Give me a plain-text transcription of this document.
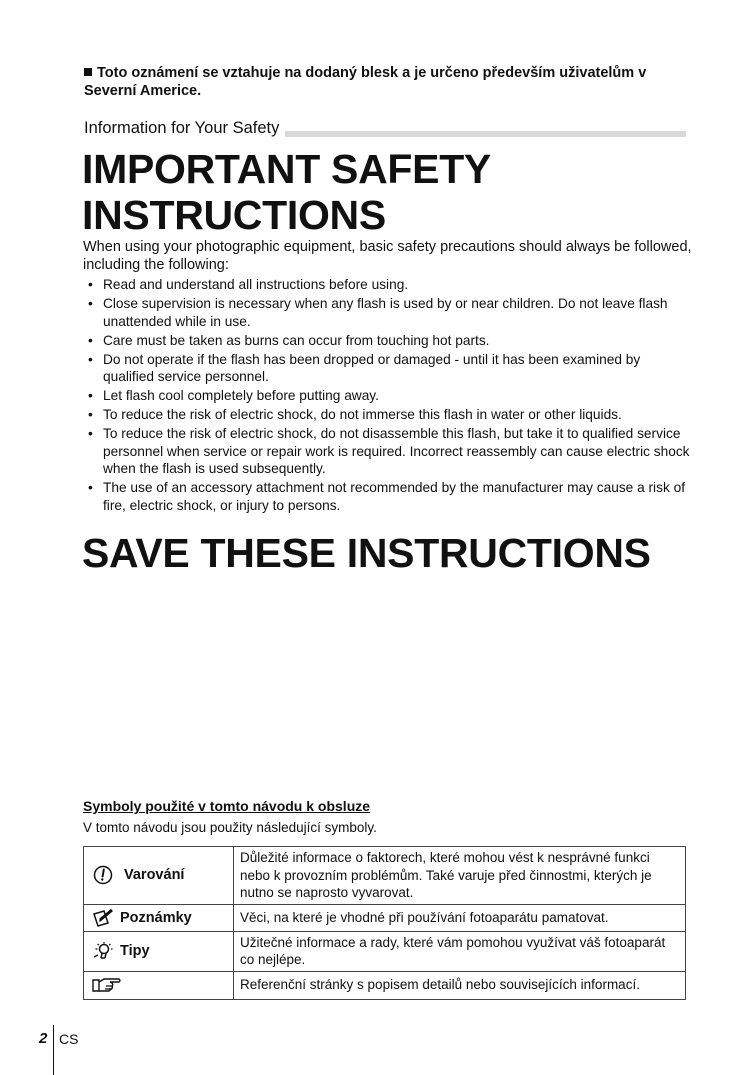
Toto oznámení se vztahuje na dodaný blesk a je určeno především uživatelům v Severní Americe.
Information for Your Safety
IMPORTANT SAFETY INSTRUCTIONS
When using your photographic equipment, basic safety precautions should always be followed, including the following:
• Read and understand all instructions before using.
• Close supervision is necessary when any flash is used by or near children. Do not leave flash unattended while in use.
• Care must be taken as burns can occur from touching hot parts.
• Do not operate if the flash has been dropped or damaged - until it has been examined by qualified service personnel.
• Let flash cool completely before putting away.
• To reduce the risk of electric shock, do not immerse this flash in water or other liquids.
• To reduce the risk of electric shock, do not disassemble this flash, but take it to qualified service personnel when service or repair work is required. Incorrect reassembly can cause electric shock when the flash is used subsequently.
• The use of an accessory attachment not recommended by the manufacturer may cause a risk of fire, electric shock, or injury to persons.
SAVE THESE INSTRUCTIONS
Symboly použité v tomto návodu k obsluze
V tomto návodu jsou použity následující symboly.
Varování	Důležité informace o faktorech, které mohou vést k nesprávné funkci nebo k provozním problémům. Také varuje před činnostmi, kterých je nutno se naprosto vyvarovat.
Poznámky	Věci, na které je vhodné při používání fotoaparátu pamatovat.
Tipy	Užitečné informace a rady, které vám pomohou využívat váš fotoaparát co nejlépe.
	Referenční stránky s popisem detailů nebo souvisejících informací.
2 CS
